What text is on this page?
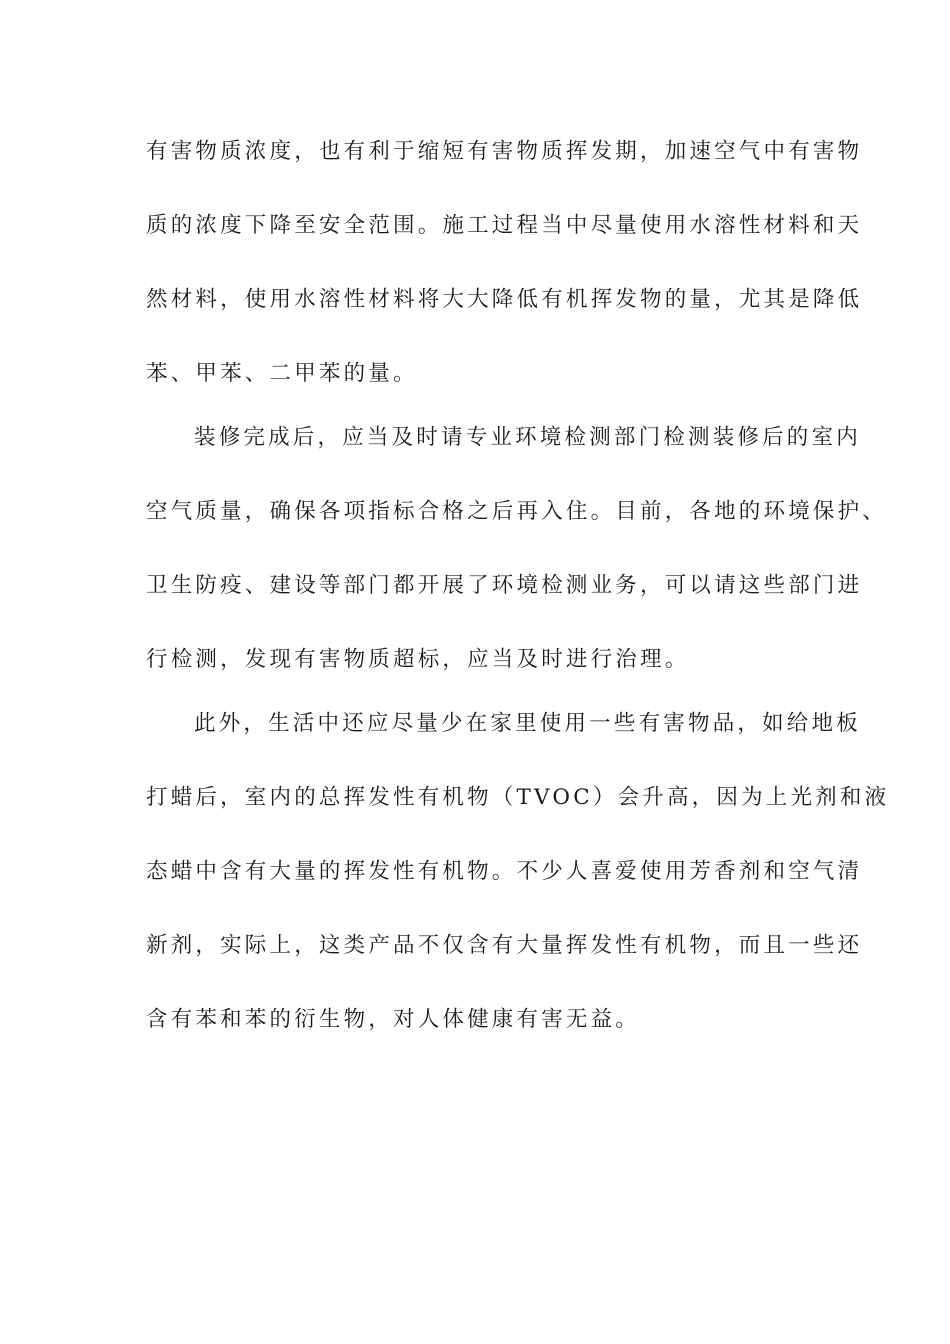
有害物质浓度，也有利于缩短有害物质挥发期，加速空气中有害物
质的浓度下降至安全范围。施工过程当中尽量使用水溶性材料和天
然材料，使用水溶性材料将大大降低有机挥发物的量，尤其是降低
苯、甲苯、二甲苯的量。
装修完成后，应当及时请专业环境检测部门检测装修后的室内
空气质量，确保各项指标合格之后再入住。目前，各地的环境保护、
卫生防疫、建设等部门都开展了环境检测业务，可以请这些部门进
行检测，发现有害物质超标，应当及时进行治理。
此外，生活中还应尽量少在家里使用一些有害物品，如给地板
打蜡后，室内的总挥发性有机物（TVOC）会升高，因为上光剂和液
态蜡中含有大量的挥发性有机物。不少人喜爱使用芳香剂和空气清
新剂，实际上，这类产品不仅含有大量挥发性有机物，而且一些还
含有苯和苯的衍生物，对人体健康有害无益。
